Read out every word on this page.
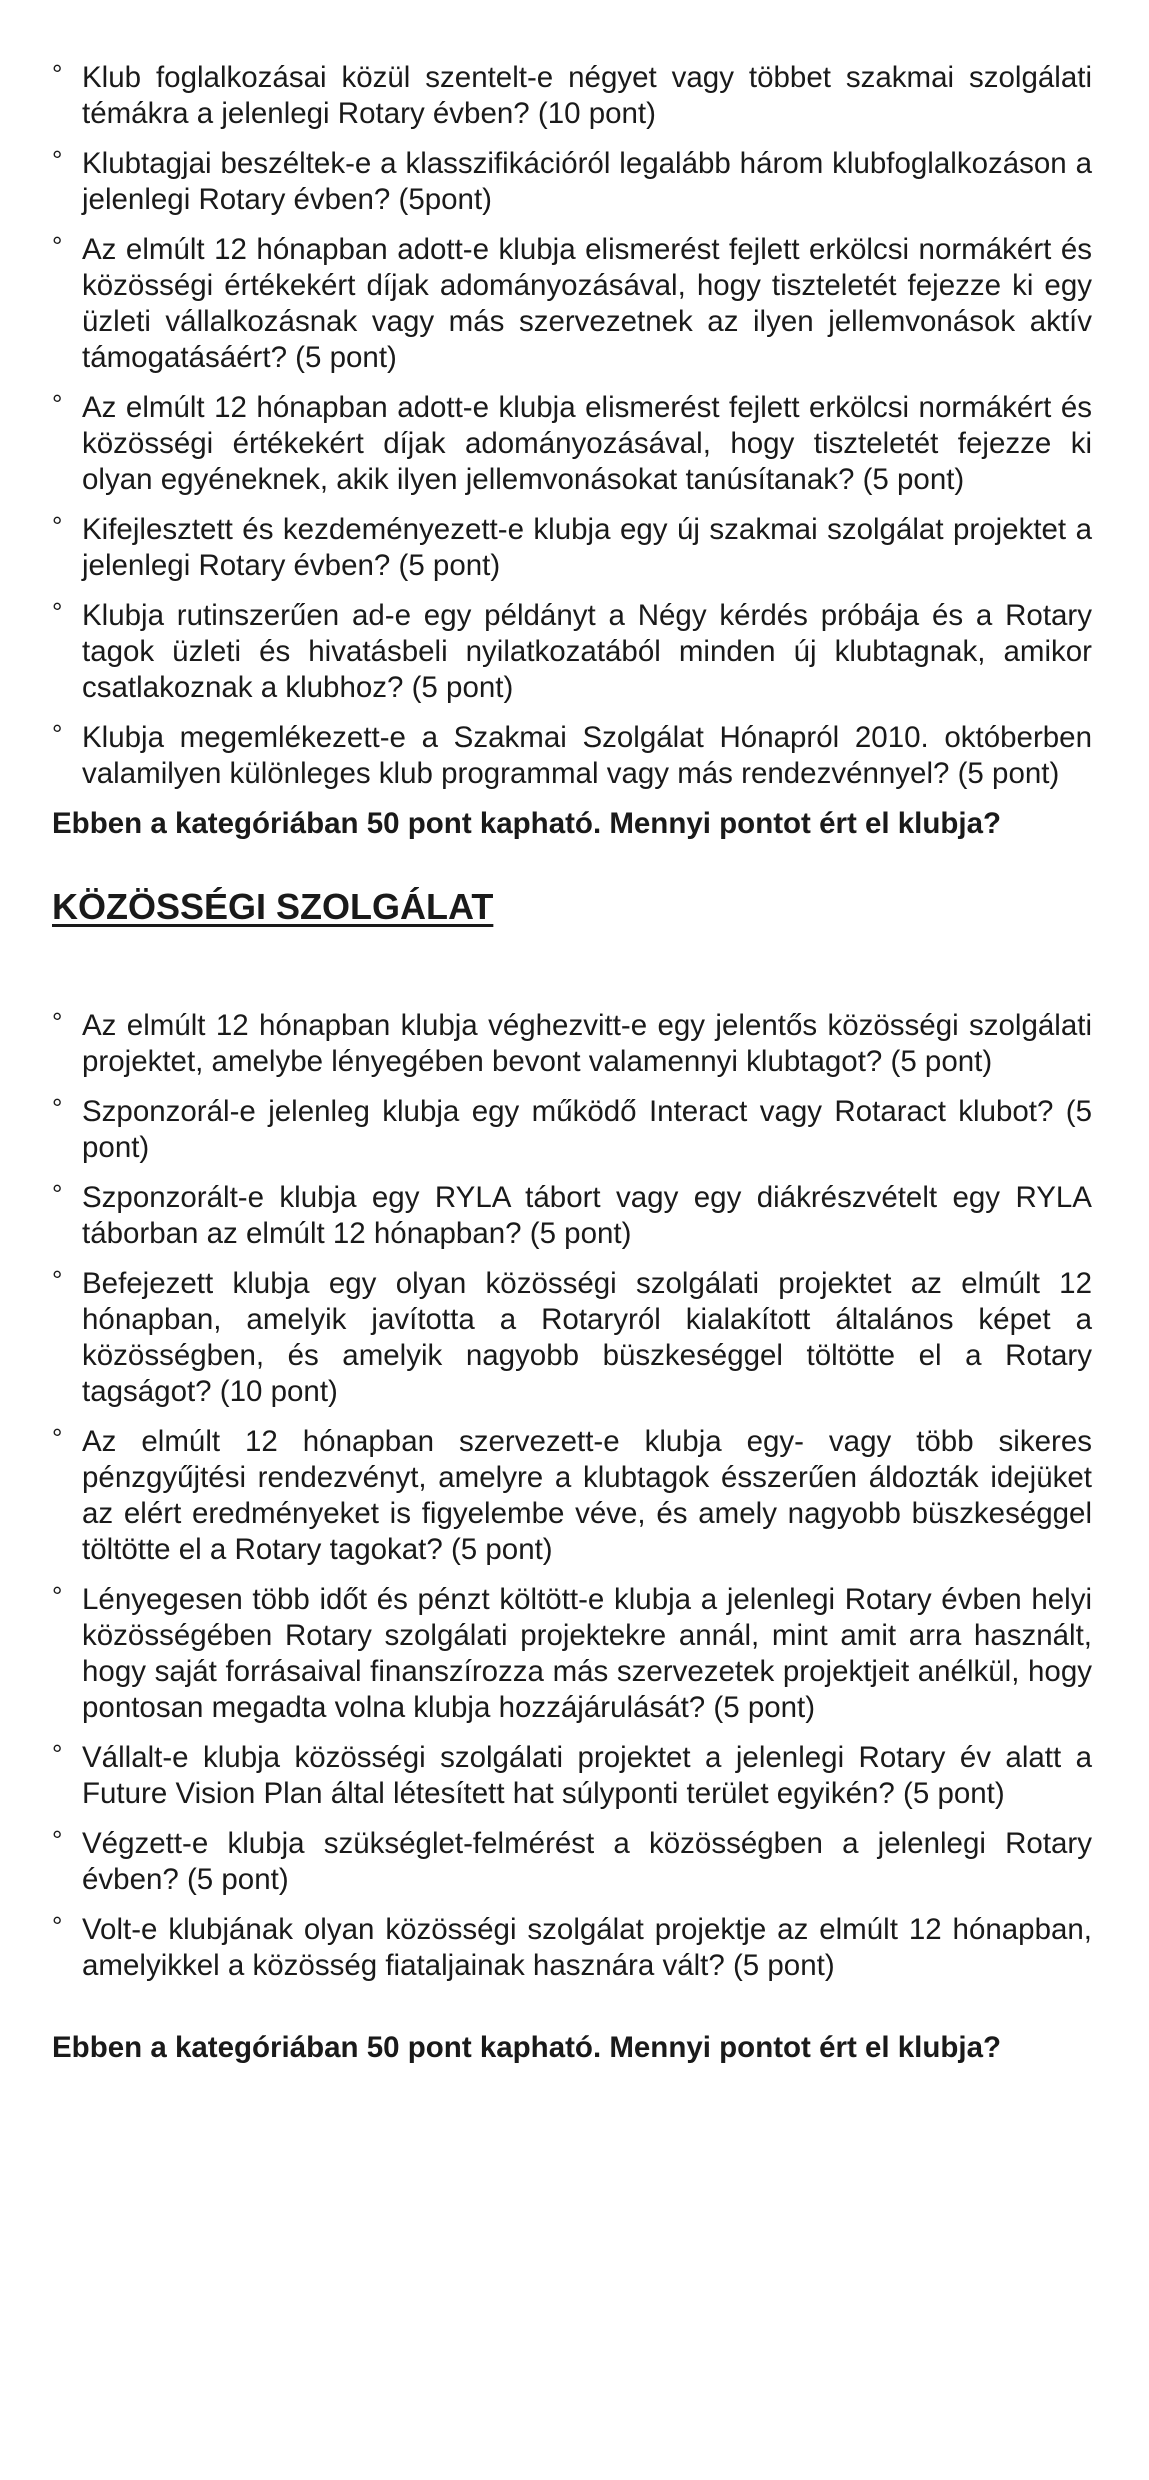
° Klub foglalkozásai közül szentelt-e négyet vagy többet szakmai szolgálati témákra a jelenlegi Rotary évben? (10 pont)
° Klubtagjai beszéltek-e a klasszifikációról legalább három klubfoglalkozáson a jelenlegi Rotary évben? (5pont)
° Az elmúlt 12 hónapban adott-e klubja elismerést fejlett erkölcsi normákért és közösségi értékekért díjak adományozásával, hogy tiszteletét fejezze ki egy üzleti vállalkozásnak vagy más szervezetnek az ilyen jellemvonások aktív támogatásáért? (5 pont)
° Az elmúlt 12 hónapban adott-e klubja elismerést fejlett erkölcsi normákért és közösségi értékekért díjak adományozásával, hogy tiszteletét fejezze ki olyan egyéneknek, akik ilyen jellemvonásokat tanúsítanak? (5 pont)
° Kifejlesztett és kezdeményezett-e klubja egy új szakmai szolgálat projektet a jelenlegi Rotary évben? (5 pont)
° Klubja rutinszerűen ad-e egy példányt a Négy kérdés próbája és a Rotary tagok üzleti és hivatásbeli nyilatkozatából minden új klubtagnak, amikor csatlakoznak a klubhoz? (5 pont)
° Klubja megemlékezett-e a Szakmai Szolgálat Hónapról 2010. októberben valamilyen különleges klub programmal vagy más rendezvénnyel? (5 pont)
Ebben a kategóriában 50 pont kapható. Mennyi pontot ért el klubja?
KÖZÖSSÉGI SZOLGÁLAT
° Az elmúlt 12 hónapban klubja véghezvitt-e egy jelentős közösségi szolgálati projektet, amelybe lényegében bevont valamennyi klubtagot? (5 pont)
° Szponzorál-e jelenleg klubja egy működő Interact vagy Rotaract klubot? (5 pont)
° Szponzorált-e klubja egy RYLA tábort vagy egy diákrészvételt egy RYLA táborban az elmúlt 12 hónapban? (5 pont)
° Befejezett klubja egy olyan közösségi szolgálati projektet az elmúlt 12 hónapban, amelyik javította a Rotaryról kialakított általános képet a közösségben, és amelyik nagyobb büszkeséggel töltötte el a Rotary tagságot? (10 pont)
° Az elmúlt 12 hónapban szervezett-e klubja egy- vagy több sikeres pénzgyűjtési rendezvényt, amelyre a klubtagok ésszerűen áldozták idejüket az elért eredményeket is figyelembe véve, és amely nagyobb büszkeséggel töltötte el a Rotary tagokat? (5 pont)
° Lényegesen több időt és pénzt költött-e klubja a jelenlegi Rotary évben helyi közösségében Rotary szolgálati projektekre annál, mint amit arra használt, hogy saját forrásaival finanszírozza más szervezetek projektjeit anélkül, hogy pontosan megadta volna klubja hozzájárulását? (5 pont)
° Vállalt-e klubja közösségi szolgálati projektet a jelenlegi Rotary év alatt a Future Vision Plan által létesített hat súlyponti terület egyikén? (5 pont)
° Végzett-e klubja szükséglet-felmérést a közösségben a jelenlegi Rotary évben? (5 pont)
° Volt-e klubjának olyan közösségi szolgálat projektje az elmúlt 12 hónapban, amelyikkel a közösség fiataljainak hasznára vált? (5 pont)
Ebben a kategóriában 50 pont kapható. Mennyi pontot ért el klubja?
